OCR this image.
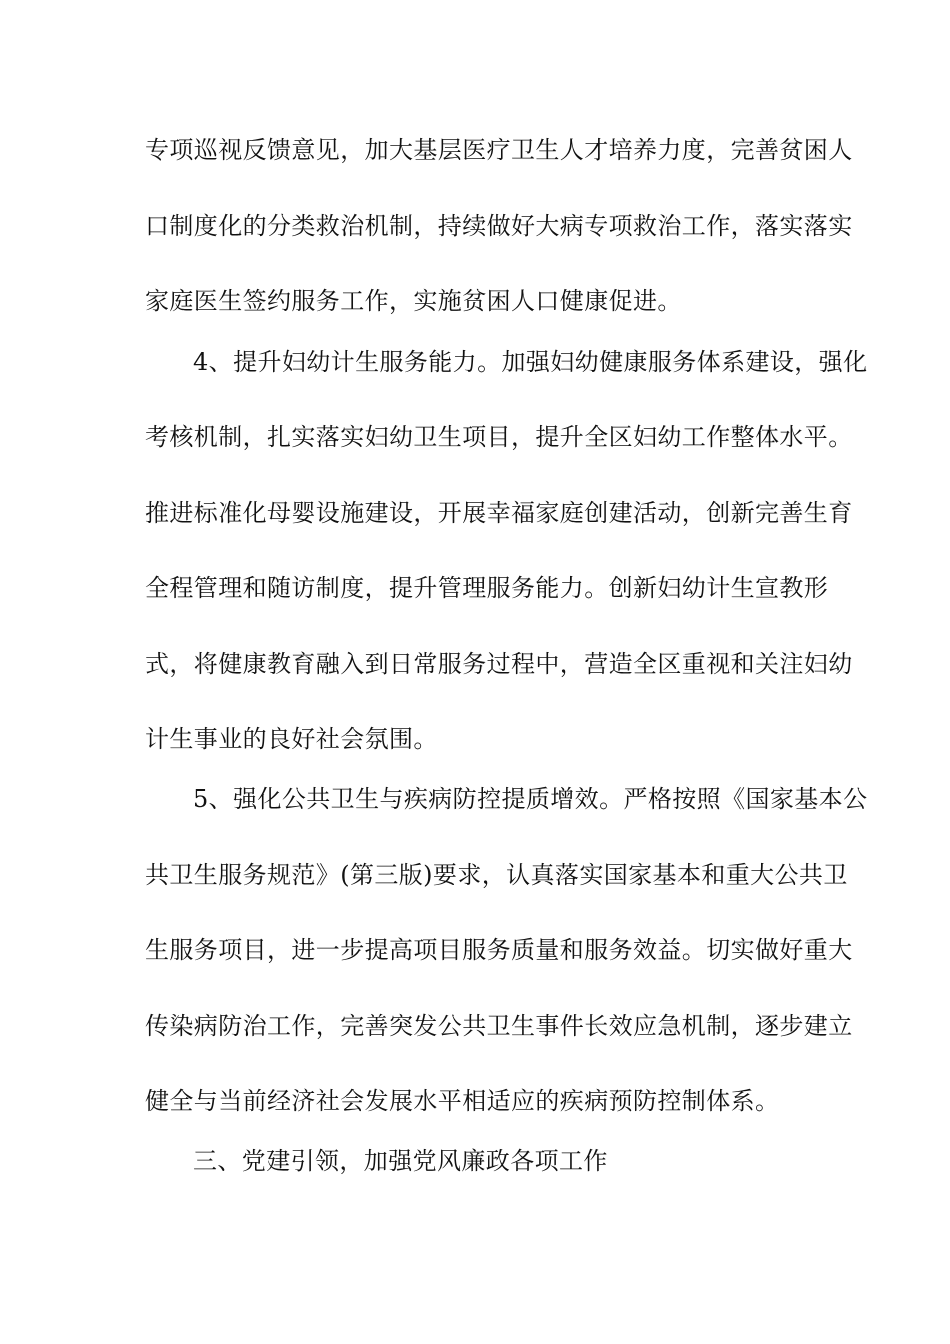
专项巡视反馈意见，加大基层医疗卫生人才培养力度，完善贫困人
口制度化的分类救治机制，持续做好大病专项救治工作，落实落实
家庭医生签约服务工作，实施贫困人口健康促进。
4、提升妇幼计生服务能力。加强妇幼健康服务体系建设，强化
考核机制，扎实落实妇幼卫生项目，提升全区妇幼工作整体水平。
推进标准化母婴设施建设，开展幸福家庭创建活动，创新完善生育
全程管理和随访制度，提升管理服务能力。创新妇幼计生宣教形
式，将健康教育融入到日常服务过程中，营造全区重视和关注妇幼
计生事业的良好社会氛围。
5、强化公共卫生与疾病防控提质增效。严格按照《国家基本公
共卫生服务规范》(第三版)要求，认真落实国家基本和重大公共卫
生服务项目，进一步提高项目服务质量和服务效益。切实做好重大
传染病防治工作，完善突发公共卫生事件长效应急机制，逐步建立
健全与当前经济社会发展水平相适应的疾病预防控制体系。
三、党建引领，加强党风廉政各项工作
